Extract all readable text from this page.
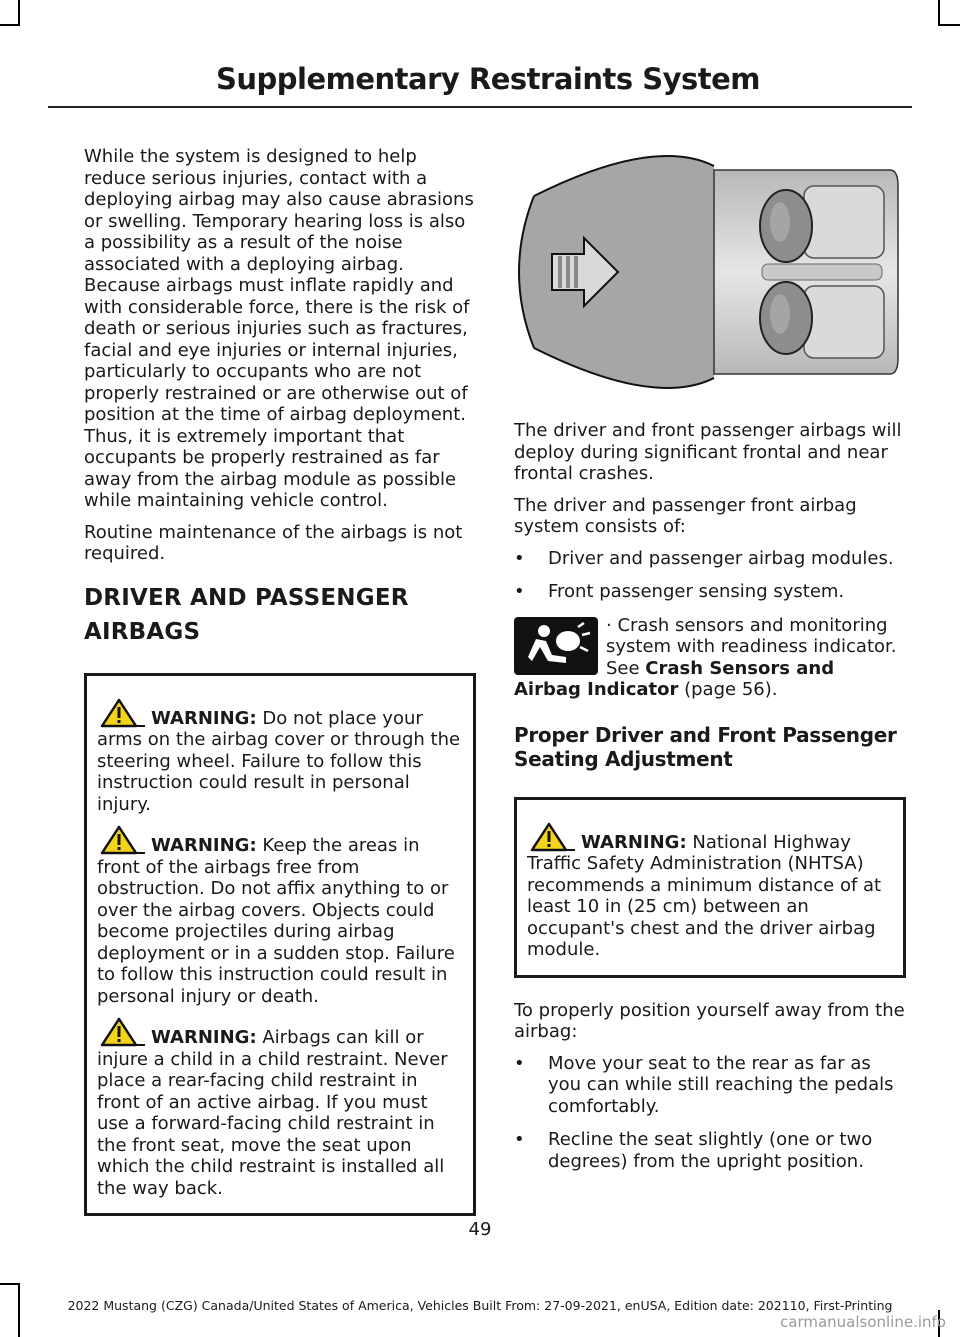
Supplementary Restraints System

While the system is designed to help reduce serious injuries, contact with a deploying airbag may also cause abrasions or swelling. Temporary hearing loss is also a possibility as a result of the noise associated with a deploying airbag. Because airbags must inflate rapidly and with considerable force, there is the risk of death or serious injuries such as fractures, facial and eye injuries or internal injuries, particularly to occupants who are not properly restrained or are otherwise out of position at the time of airbag deployment. Thus, it is extremely important that occupants be properly restrained as far away from the airbag module as possible while maintaining vehicle control.

Routine maintenance of the airbags is not required.

DRIVER AND PASSENGER
AIRBAGS

WARNING: Do not place your arms on the airbag cover or through the steering wheel. Failure to follow this instruction could result in personal injury.

WARNING: Keep the areas in front of the airbags free from obstruction. Do not affix anything to or over the airbag covers. Objects could become projectiles during airbag deployment or in a sudden stop. Failure to follow this instruction could result in personal injury or death.

WARNING: Airbags can kill or injure a child in a child restraint. Never place a rear-facing child restraint in front of an active airbag. If you must use a forward-facing child restraint in the front seat, move the seat upon which the child restraint is installed all the way back.

The driver and front passenger airbags will deploy during significant frontal and near frontal crashes.

The driver and passenger front airbag system consists of:

• Driver and passenger airbag modules.
• Front passenger sensing system.

· Crash sensors and monitoring system with readiness indicator. See Crash Sensors and Airbag Indicator (page 56).

Proper Driver and Front Passenger Seating Adjustment

WARNING: National Highway Traffic Safety Administration (NHTSA) recommends a minimum distance of at least 10 in (25 cm) between an occupant's chest and the driver airbag module.

To properly position yourself away from the airbag:

• Move your seat to the rear as far as you can while still reaching the pedals comfortably.
• Recline the seat slightly (one or two degrees) from the upright position.
49
2022 Mustang (CZG) Canada/United States of America, Vehicles Built From: 27-09-2021, enUSA, Edition date: 202110, First-Printing
carmanualsonline.info
